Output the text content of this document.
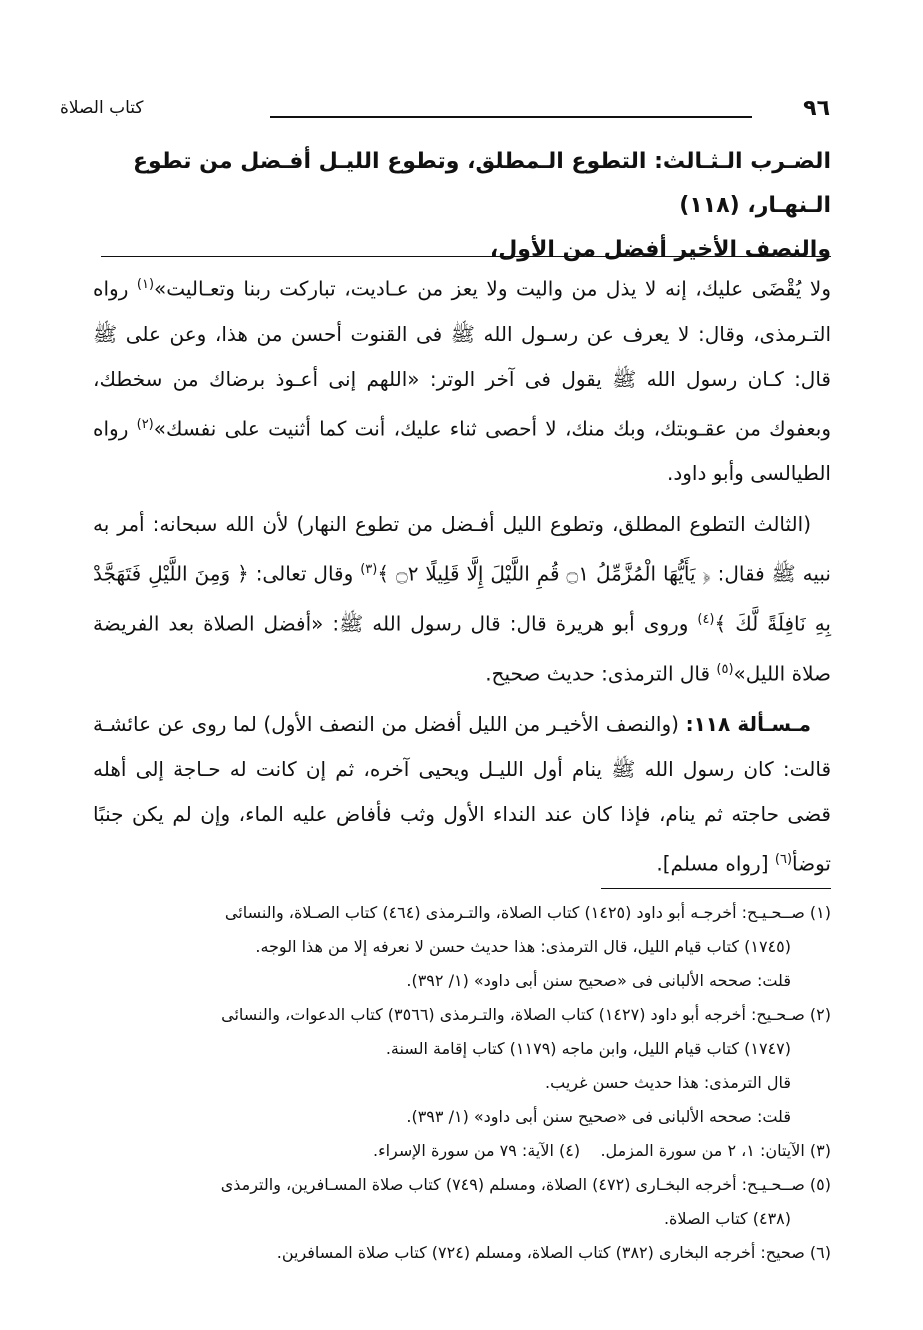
٩٦
كتاب الصلاة
الضـرب الـثـالث: التطوع الـمطلق، وتطوع الليـل أفـضل من تطوع الـنهـار، (١١٨)
والنصف الأخير أفضل من الأول،

ولا يُقْضَى عليك، إنه لا يذل من واليت ولا يعز من عـاديت، تباركت ربنا وتعـاليت»$^{(١)}$ رواه التـرمذى، وقال: لا يعرف عن رسـول الله ﷺ فى القنوت أحسن من هذا، وعن على ﷺ قال: كـان رسول الله ﷺ يقول فى آخر الوتر: «اللهم إنى أعـوذ برضاك من سخطك، وبعفوك من عقـوبتك، وبك منك، لا أحصى ثناء عليك، أنت كما أثنيت على نفسك»$^{(٢)}$ رواه الطيالسى وأبو داود.

(الثالث التطوع المطلق، وتطوع الليل أفـضل من تطوع النهار) لأن الله سبحانه: أمر به نبيه ﷺ فقال: ﴿ يَأَيُّهَا الْمُزَّمِّلُ ۝١ قُمِ اللَّيْلَ إِلَّا قَلِيلًا ۝٢ ﴾$^{(٣)}$ وقال تعالى: ﴿ وَمِنَ اللَّيْلِ فَتَهَجَّدْ بِهِ نَافِلَةً لَّكَ ﴾$^{(٤)}$ وروى أبو هريرة قال: قال رسول الله ﷺ: «أفضل الصلاة بعد الفريضة صلاة الليل»$^{(٥)}$ قال الترمذى: حديث صحيح.

مـسـألة ١١٨: (والنصف الأخيـر من الليل أفضل من النصف الأول) لما روى عن عائشـة قالت: كان رسول الله ﷺ ينام أول الليـل ويحيى آخره، ثم إن كانت له حـاجة إلى أهله قضى حاجته ثم ينام، فإذا كان عند النداء الأول وثب فأفاض عليه الماء، وإن لم يكن جنبًا توضأ$^{(٦)}$ [رواه مسلم].

(١) صــحـيـح: أخرجـه أبو داود (١٤٢٥) كتاب الصلاة، والتـرمذى (٤٦٤) كتاب الصـلاة، والنسائى

(١٧٤٥) كتاب قيام الليل، قال الترمذى: هذا حديث حسن لا نعرفه إلا من هذا الوجه.

قلت: صححه الألبانى فى «صحيح سنن أبى داود» (١/ ٣٩٢).

(٢) صـحـيح: أخرجه أبو داود (١٤٢٧) كتاب الصلاة، والتـرمذى (٣٥٦٦) كتاب الدعوات، والنسائى

(١٧٤٧) كتاب قيام الليل، وابن ماجه (١١٧٩) كتاب إقامة السنة.

قال الترمذى: هذا حديث حسن غريب.

قلت: صححه الألبانى فى «صحيح سنن أبى داود» (١/ ٣٩٣).

(٣) الآيتان: ١، ٢ من سورة المزمل.
(٤) الآية: ٧٩ من سورة الإسراء.

(٥) صــحـيـح: أخرجه البخـارى (٤٧٢) الصلاة، ومسلم (٧٤٩) كتاب صلاة المسـافرين، والترمذى

(٤٣٨) كتاب الصلاة.

(٦) صحيح: أخرجه البخارى (٣٨٢) كتاب الصلاة، ومسلم (٧٢٤) كتاب صلاة المسافرين.
